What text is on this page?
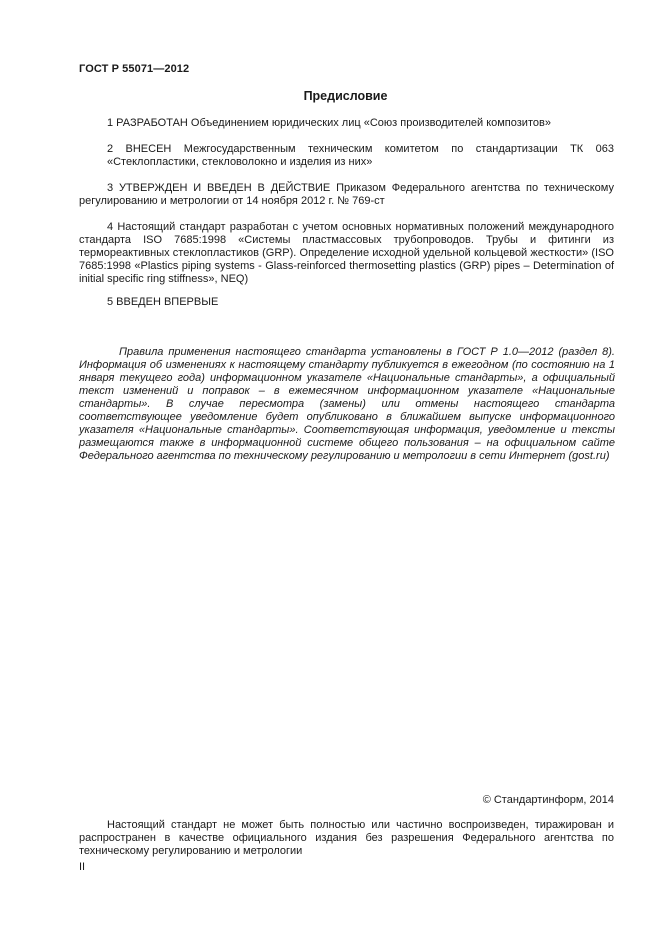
ГОСТ Р 55071—2012
Предисловие
1 РАЗРАБОТАН Объединением юридических лиц «Союз производителей композитов»
2 ВНЕСЕН Межгосударственным техническим комитетом по стандартизации ТК 063 «Стеклопластики, стекловолокно и изделия из них»
3 УТВЕРЖДЕН И ВВЕДЕН В ДЕЙСТВИЕ Приказом Федерального агентства по техническому регулированию и метрологии от 14 ноября 2012 г. № 769-ст
4 Настоящий стандарт разработан с учетом основных нормативных положений международного стандарта ISO 7685:1998 «Системы пластмассовых трубопроводов. Трубы и фитинги из термореактивных стеклопластиков (GRP). Определение исходной удельной кольцевой жесткости» (ISO 7685:1998 «Plastics piping systems - Glass-reinforced thermosetting plastics (GRP) pipes – Determination of initial specific ring stiffness», NEQ)
5 ВВЕДЕН ВПЕРВЫЕ
Правила применения настоящего стандарта установлены в ГОСТ Р 1.0—2012 (раздел 8). Информация об изменениях к настоящему стандарту публикуется в ежегодном (по состоянию на 1 января текущего года) информационном указателе «Национальные стандарты», а официальный текст изменений и поправок – в ежемесячном информационном указателе «Национальные стандарты». В случае пересмотра (замены) или отмены настоящего стандарта соответствующее уведомление будет опубликовано в ближайшем выпуске информационного указателя «Национальные стандарты». Соответствующая информация, уведомление и тексты размещаются также в информационной системе общего пользования – на официальном сайте Федерального агентства по техническому регулированию и метрологии в сети Интернет (gost.ru)
© Стандартинформ, 2014
Настоящий стандарт не может быть полностью или частично воспроизведен, тиражирован и распространен в качестве официального издания без разрешения Федерального агентства по техническому регулированию и метрологии
II
